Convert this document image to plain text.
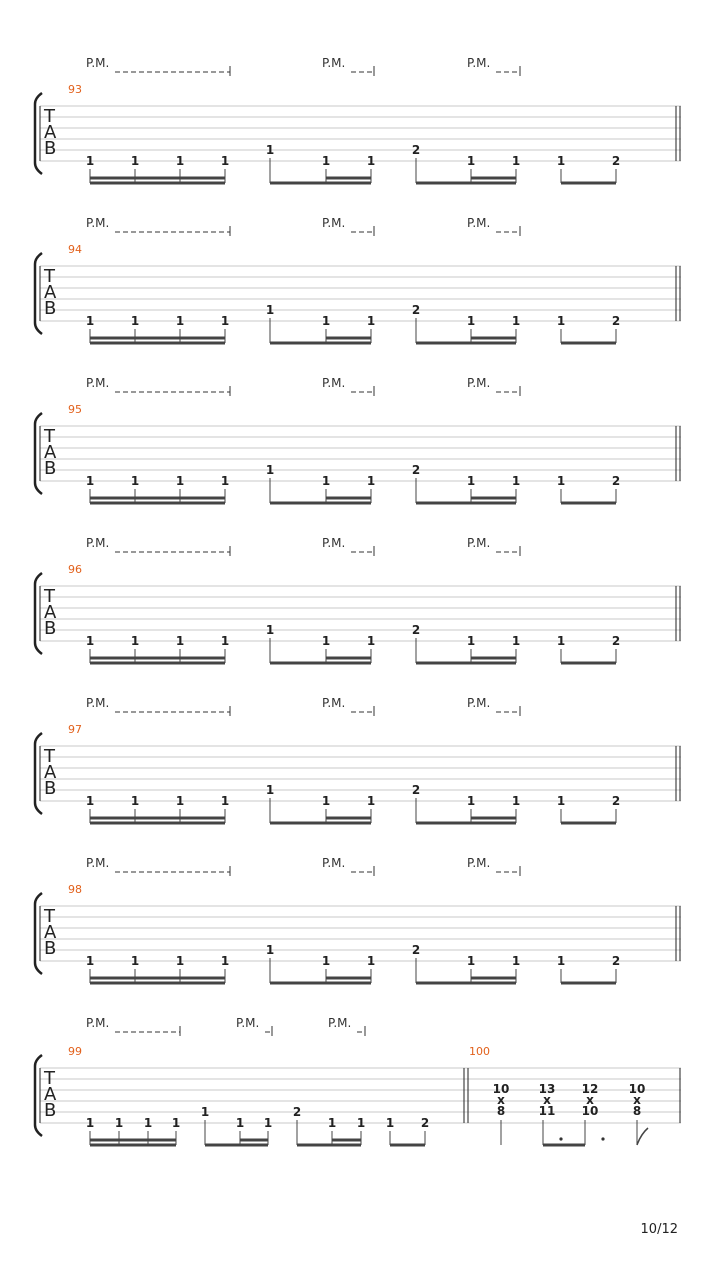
P.M.	P.M.	P.M.
T
A
B
93
1	1	1	1
1
1	1
2
1	1	1	2
P.M.	P.M.	P.M.
T
A
B
94
1	1	1	1
1
1	1
2
1	1	1	2
P.M.	P.M.	P.M.
T
A
B
95
1	1	1	1
1
1	1
2
1	1	1	2
P.M.	P.M.	P.M.
T
A
B
96
1	1	1	1
1
1	1
2
1	1	1	2
P.M.	P.M.	P.M.
T
A
B
97
1	1	1	1
1
1	1
2
1	1	1	2
P.M.	P.M.	P.M.
T
A
B
98
1	1	1	1
1
1	1
2
1	1	1	2
T
A
B
P.M.	P.M.	P.M.
99
1 1 1 1
1
1 1
2
1 1 1 2
100
10
x
8
13
x
11
12
x
10
10
x
8
10/12
